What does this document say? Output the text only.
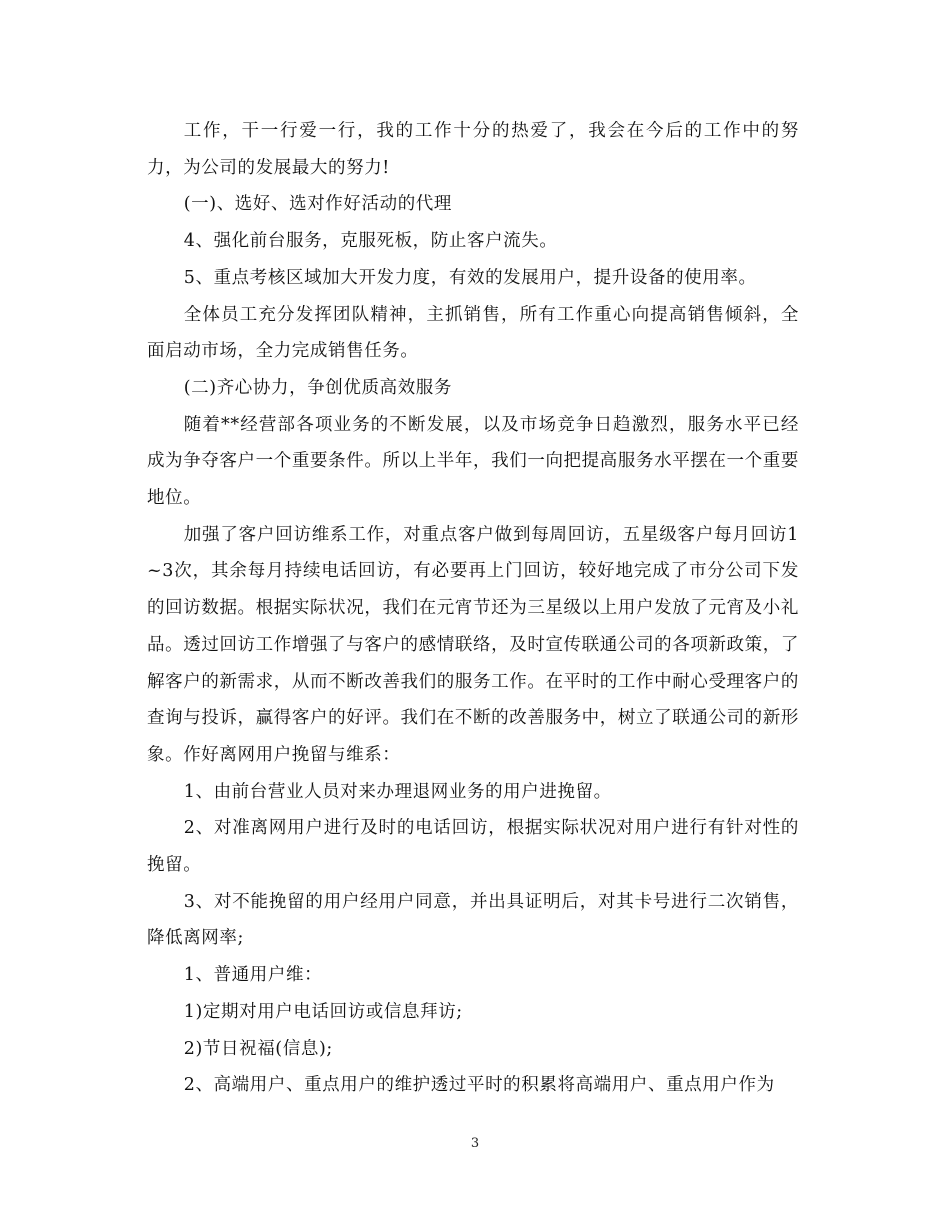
工作，干一行爱一行，我的工作十分的热爱了，我会在今后的工作中的努力，为公司的发展最大的努力!

(一)、选好、选对作好活动的代理

4、强化前台服务，克服死板，防止客户流失。

5、重点考核区域加大开发力度，有效的发展用户，提升设备的使用率。

全体员工充分发挥团队精神，主抓销售，所有工作重心向提高销售倾斜，全面启动市场，全力完成销售任务。

(二)齐心协力，争创优质高效服务

随着**经营部各项业务的不断发展，以及市场竞争日趋激烈，服务水平已经成为争夺客户一个重要条件。所以上半年，我们一向把提高服务水平摆在一个重要地位。

加强了客户回访维系工作，对重点客户做到每周回访，五星级客户每月回访1~3次，其余每月持续电话回访，有必要再上门回访，较好地完成了市分公司下发的回访数据。根据实际状况，我们在元宵节还为三星级以上用户发放了元宵及小礼品。透过回访工作增强了与客户的感情联络，及时宣传联通公司的各项新政策，了解客户的新需求，从而不断改善我们的服务工作。在平时的工作中耐心受理客户的查询与投诉，赢得客户的好评。我们在不断的改善服务中，树立了联通公司的新形象。作好离网用户挽留与维系：

1、由前台营业人员对来办理退网业务的用户进挽留。

2、对准离网用户进行及时的电话回访，根据实际状况对用户进行有针对性的挽留。

3、对不能挽留的用户经用户同意，并出具证明后，对其卡号进行二次销售，降低离网率;

1、普通用户维：

1)定期对用户电话回访或信息拜访;

2)节日祝福(信息);

2、高端用户、重点用户的维护透过平时的积累将高端用户、重点用户作为

3
